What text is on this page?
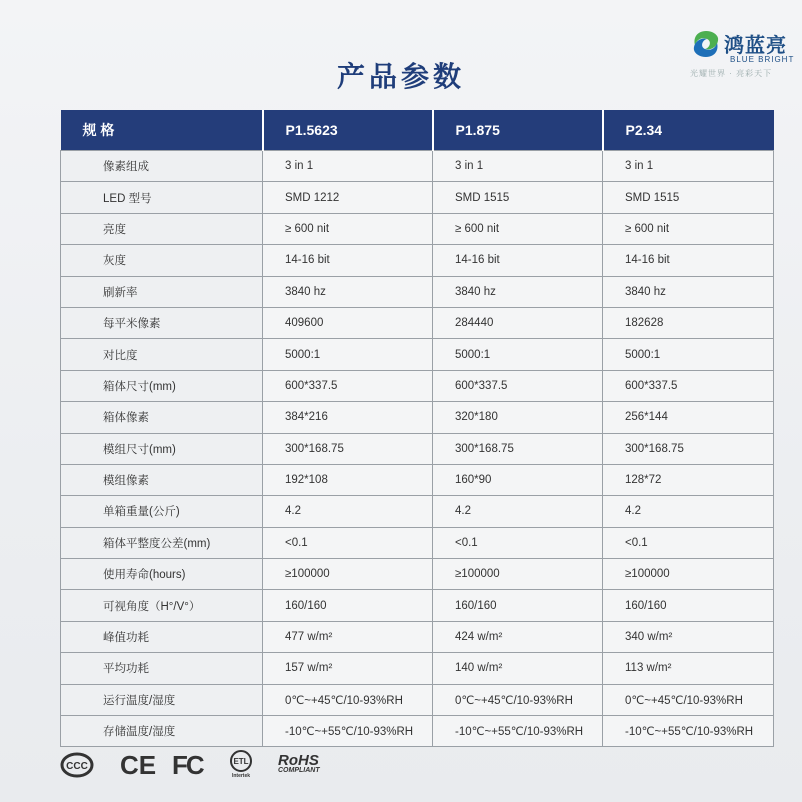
鸿蓝亮
BLUE BRIGHT
光耀世界 · 亮彩天下
产品参数
规 格	P1.5623	P1.875	P2.34
像素组成	3 in 1	3 in 1	3 in 1
LED 型号	SMD 1212	SMD 1515	SMD 1515
亮度	≥ 600 nit	≥ 600 nit	≥ 600 nit
灰度	14-16 bit	14-16 bit	14-16 bit
刷新率	3840 hz	3840 hz	3840 hz
每平米像素	409600	284440	182628
对比度	5000:1	5000:1	5000:1
箱体尺寸(mm)	600*337.5	600*337.5	600*337.5
箱体像素	384*216	320*180	256*144
模组尺寸(mm)	300*168.75	300*168.75	300*168.75
模组像素	192*108	160*90	128*72
单箱重量(公斤)	4.2	4.2	4.2
箱体平整度公差(mm)	<0.1	<0.1	<0.1
使用寿命(hours)	≥100000	≥100000	≥100000
可视角度（H°/V°）	160/160	160/160	160/160
峰值功耗	477 w/m²	424 w/m²	340 w/m²
平均功耗	157 w/m²	140 w/m²	113 w/m²
运行温度/湿度	0℃~+45℃/10-93%RH	0℃~+45℃/10-93%RH	0℃~+45℃/10-93%RH
存储温度/湿度	-10℃~+55℃/10-93%RH	-10℃~+55℃/10-93%RH	-10℃~+55℃/10-93%RH
CCC CE FC	ETL
Intertek
RoHS
COMPLIANT
